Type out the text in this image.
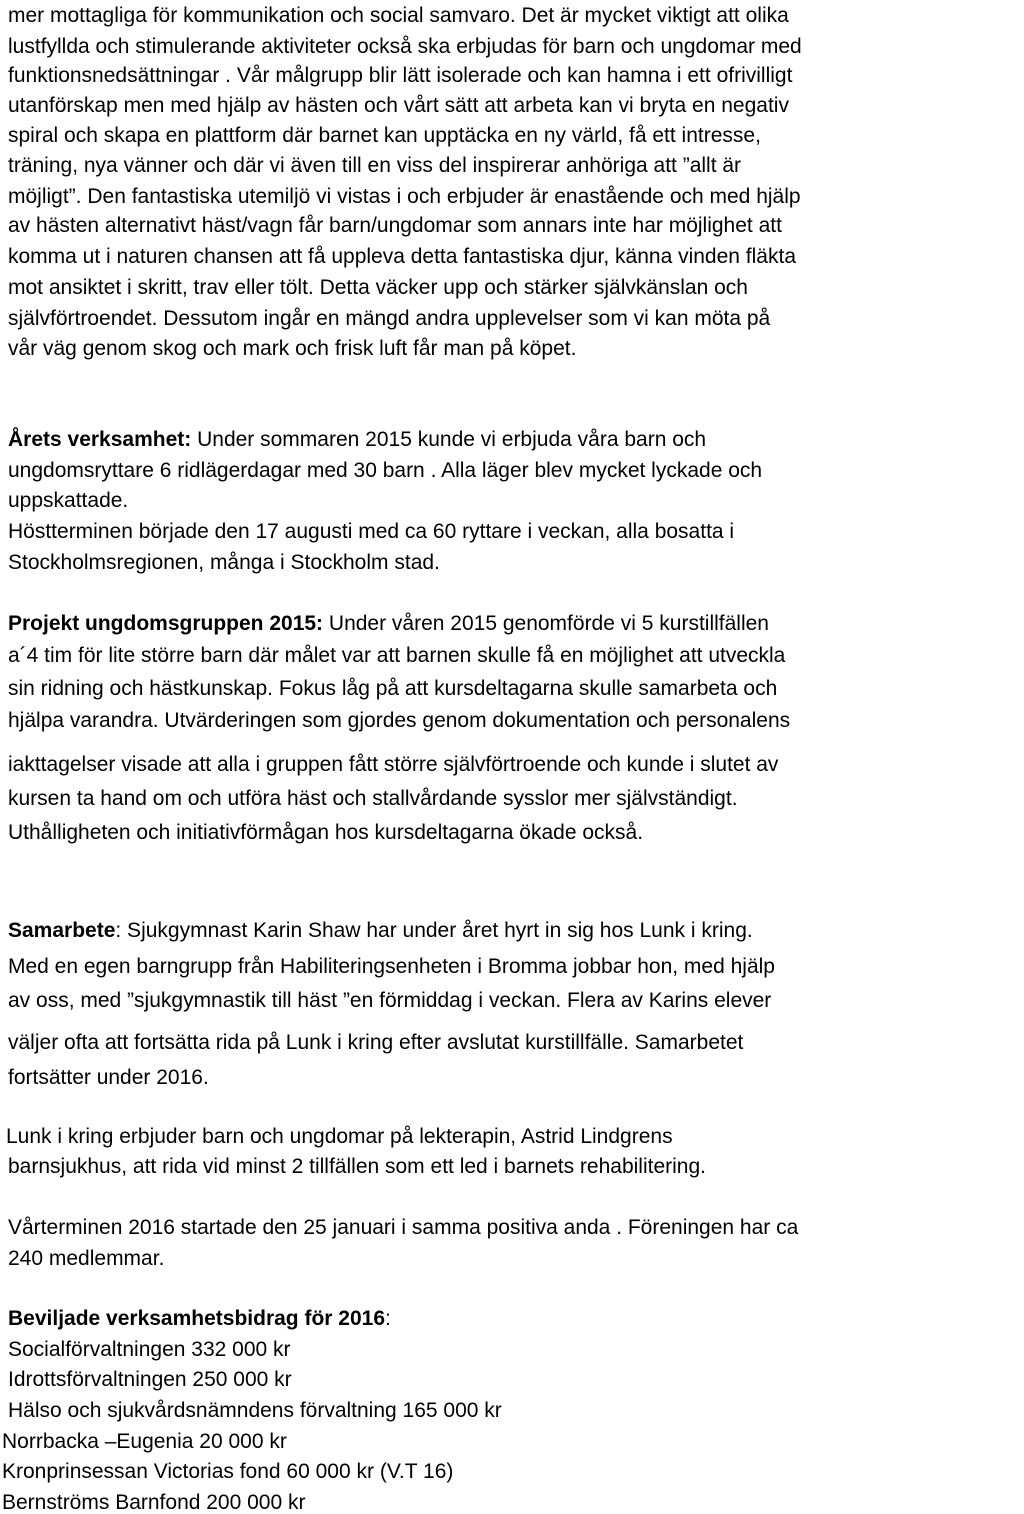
mer mottagliga för kommunikation och social samvaro. Det är mycket viktigt att olika
lustfyllda och stimulerande aktiviteter också ska erbjudas för barn och ungdomar med
funktionsnedsättningar . Vår målgrupp blir lätt isolerade och kan hamna i ett ofrivilligt
utanförskap men med hjälp av hästen och vårt sätt att arbeta kan vi bryta en negativ
spiral och skapa en plattform där barnet kan upptäcka en ny värld, få ett intresse,
träning, nya vänner och där vi även till en viss del inspirerar anhöriga att ”allt är
möjligt”. Den fantastiska utemiljö vi vistas i och erbjuder är enastående och med hjälp
av hästen alternativt häst/vagn får barn/ungdomar som annars inte har möjlighet att
komma ut i naturen chansen att få uppleva detta fantastiska djur, känna vinden fläkta
mot ansiktet i skritt, trav eller tölt. Detta väcker upp och stärker självkänslan och
självförtroendet. Dessutom ingår en mängd andra upplevelser som vi kan möta på
vår väg genom skog och mark och frisk luft får man på köpet.
Årets verksamhet: Under sommaren 2015 kunde vi erbjuda våra barn och
ungdomsryttare 6 ridlägerdagar med 30 barn . Alla läger blev mycket lyckade och
uppskattade.
Höstterminen började den 17 augusti med ca 60 ryttare i veckan, alla bosatta i
Stockholmsregionen, många i Stockholm stad.
Projekt ungdomsgruppen 2015: Under våren 2015 genomförde vi 5 kurstillfällen
a´4 tim för lite större barn där målet var att barnen skulle få en möjlighet att utveckla
sin ridning och hästkunskap. Fokus låg på att kursdeltagarna skulle samarbeta och
hjälpa varandra. Utvärderingen som gjordes genom dokumentation och personalens
iakttagelser visade att alla i gruppen fått större självförtroende och kunde i slutet av
kursen ta hand om och utföra häst och stallvårdande sysslor mer självständigt.
Uthålligheten och initiativförmågan hos kursdeltagarna ökade också.
Samarbete: Sjukgymnast Karin Shaw har under året hyrt in sig hos Lunk i kring.
Med en egen barngrupp från Habiliteringsenheten i Bromma jobbar hon, med hjälp
av oss, med ”sjukgymnastik till häst ”en förmiddag i veckan. Flera av Karins elever
väljer ofta att fortsätta rida på Lunk i kring efter avslutat kurstillfälle. Samarbetet
fortsätter under 2016.
Lunk i kring erbjuder barn och ungdomar på lekterapin, Astrid Lindgrens
barnsjukhus, att rida vid minst 2 tillfällen som ett led i barnets rehabilitering.
Vårterminen 2016 startade den 25 januari i samma positiva anda . Föreningen har ca
240 medlemmar.
Beviljade verksamhetsbidrag för 2016:
Socialförvaltningen 332 000 kr
Idrottsförvaltningen 250 000 kr
Hälso och sjukvårdsnämndens förvaltning 165 000 kr
Norrbacka –Eugenia 20 000 kr
Kronprinsessan Victorias fond 60 000 kr (V.T 16)
Bernströms Barnfond 200 000 kr
